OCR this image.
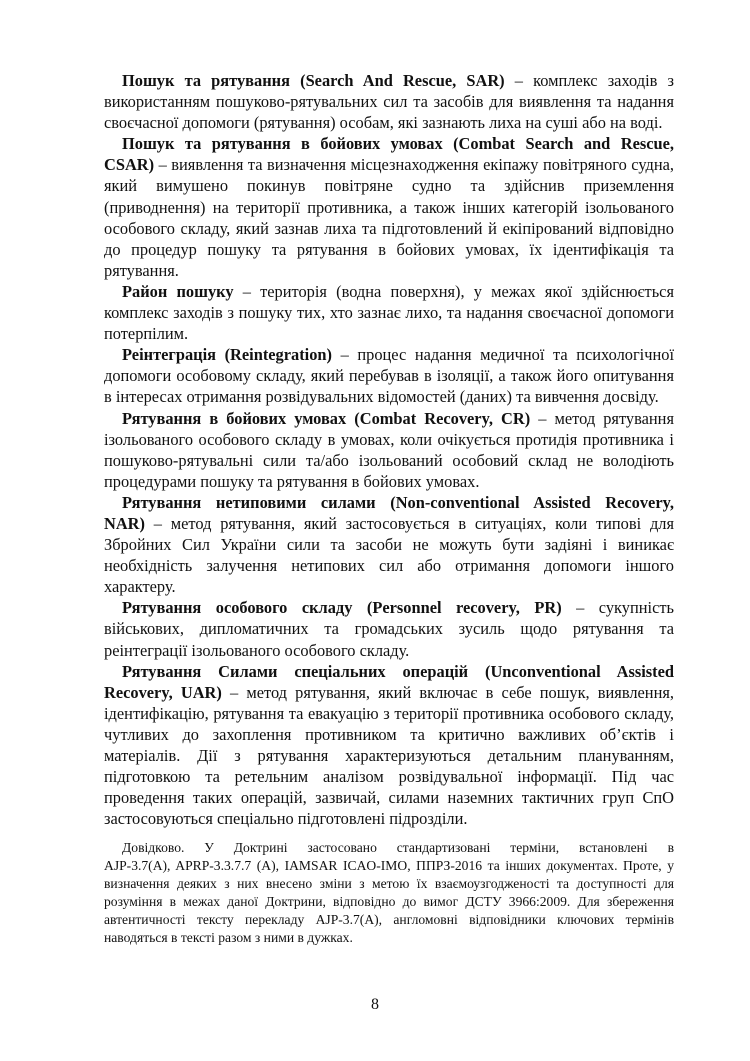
Пошук та рятування (Search And Rescue, SAR) – комплекс заходів з
використанням пошуково-рятувальних сил та засобів для виявлення та надання своєчасної допомоги (рятування) особам, які зазнають лиха на суші або на воді.

Пошук та рятування в бойових умовах (Combat Search and Rescue,
CSAR) – виявлення та визначення місцезнаходження екіпажу повітряного судна, який вимушено покинув повітряне судно та здійснив приземлення (приводнення) на території противника, а також інших категорій ізольованого особового складу, який зазнав лиха та підготовлений й екіпірований відповідно до процедур пошуку та рятування в бойових умовах, їх ідентифікація та рятування.

Район пошуку – територія (водна поверхня), у межах якої здійснюється
комплекс заходів з пошуку тих, хто зазнає лихо, та надання своєчасної допомоги потерпілим.

Реінтеграція (Reintegration) – процес надання медичної та психологічної
допомоги особовому складу, який перебував в ізоляції, а також його опитування в інтересах отримання розвідувальних відомостей (даних) та вивчення досвіду.

Рятування в бойових умовах (Combat Recovery, CR) – метод рятування
ізольованого особового складу в умовах, коли очікується протидія противника і пошуково-рятувальні сили та/або ізольований особовий склад не володіють процедурами пошуку та рятування в бойових умовах.

Рятування нетиповими силами (Non-conventional Assisted Recovery,
NAR) – метод рятування, який застосовується в ситуаціях, коли типові для Збройних Сил України сили та засоби не можуть бути задіяні і виникає необхідність залучення нетипових сил або отримання допомоги іншого характеру.

Рятування особового складу (Personnel recovery, PR) – сукупність
військових, дипломатичних та громадських зусиль щодо рятування та реінтеграції ізольованого особового складу.

Рятування Силами спеціальних операцій (Unconventional Assisted
Recovery, UAR) – метод рятування, який включає в себе пошук, виявлення, ідентифікацію, рятування та евакуацію з території противника особового складу, чутливих до захоплення противником та критично важливих об’єктів і матеріалів. Дії з рятування характеризуються детальним плануванням, підготовкою та ретельним аналізом розвідувальної інформації. Під час проведення таких операцій, зазвичай, силами наземних тактичних груп СпО застосовуються спеціально підготовлені підрозділи.

Довідково. У Доктрині застосовано стандартизовані терміни, встановлені в
AJP-3.7(A), APRP-3.3.7.7 (A), IAMSAR ICAO-IMO, ППРЗ-2016 та інших документах. Проте, у визначення деяких з них внесено зміни з метою їх взаємоузгодженості та доступності для розуміння в межах даної Доктрини, відповідно до вимог ДСТУ 3966:2009. Для збереження автентичності тексту перекладу AJP-3.7(A), англомовні відповідники ключових термінів наводяться в тексті разом з ними в дужках.

8
